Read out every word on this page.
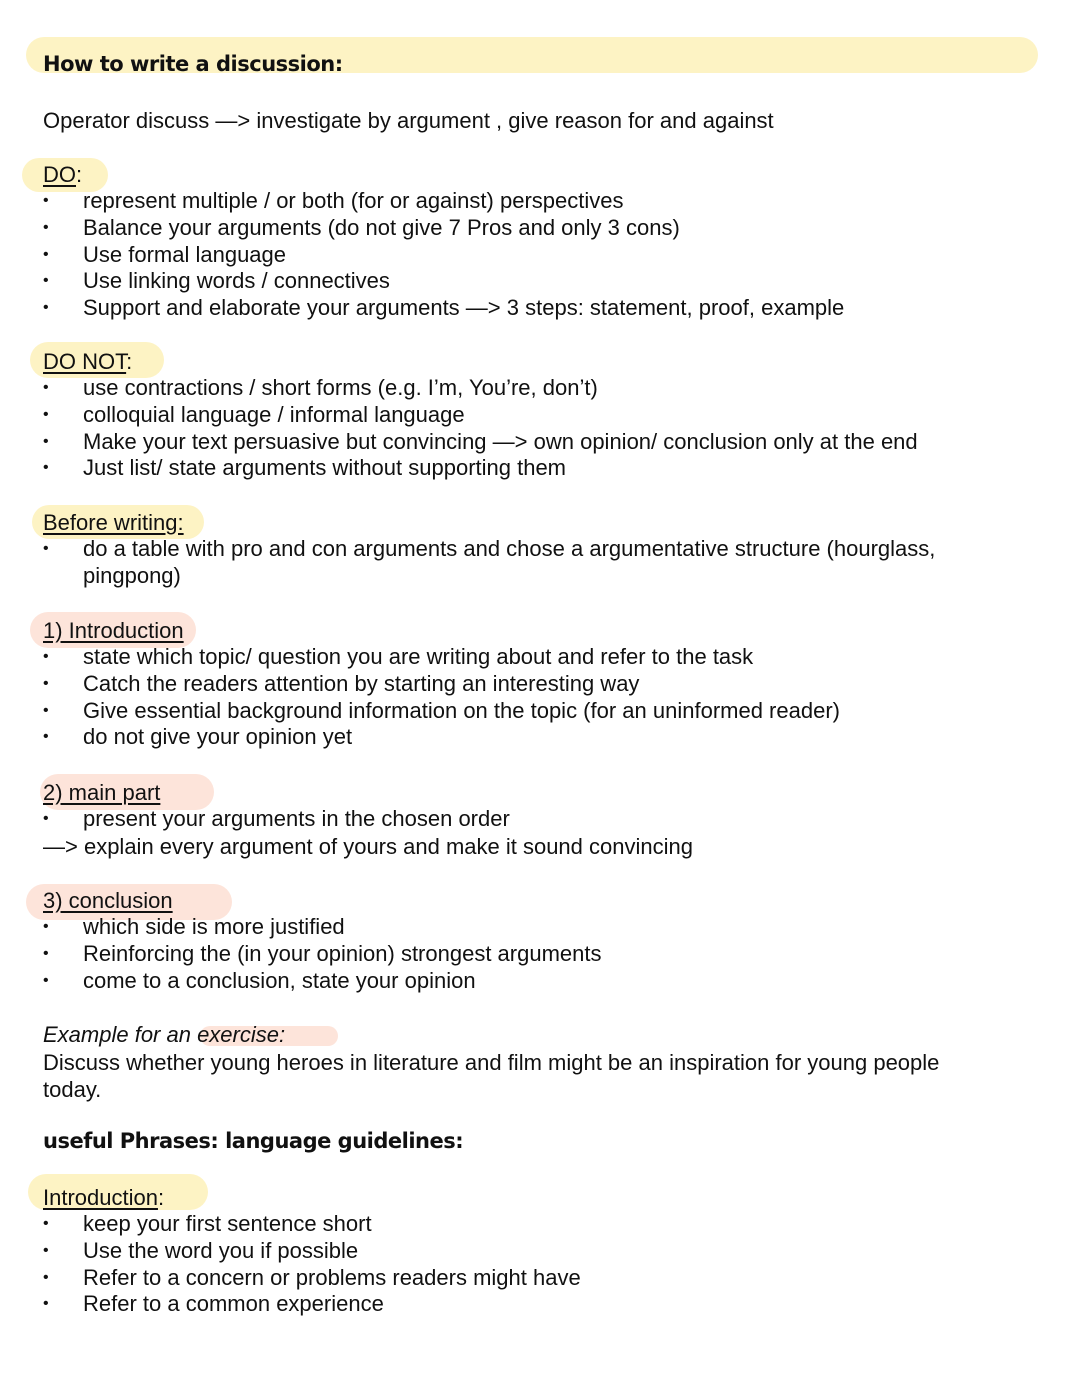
How to write a discussion:
Operator discuss —> investigate by argument , give reason for and against
DO:
• represent multiple / or both (for or against) perspectives
• Balance your arguments (do not give 7 Pros and only 3 cons)
• Use formal language
• Use linking words / connectives
• Support and elaborate your arguments —> 3 steps: statement, proof, example
DO NOT:
• use contractions / short forms (e.g. I’m, You’re, don’t)
• colloquial language / informal language
• Make your text persuasive but convincing —> own opinion/ conclusion only at the end
• Just list/ state arguments without supporting them
Before writing:
• do a table with pro and con arguments and chose a argumentative structure (hourglass, pingpong)
1) Introduction
• state which topic/ question you are writing about and refer to the task
• Catch the readers attention by starting an interesting way
• Give essential background information on the topic (for an uninformed reader)
• do not give your opinion yet
2) main part
• present your arguments in the chosen order
—> explain every argument of yours and make it sound convincing
3) conclusion
• which side is more justified
• Reinforcing the (in your opinion) strongest arguments
• come to a conclusion, state your opinion
Example for an exercise:
Discuss whether young heroes in literature and film might be an inspiration for young people
today.
useful Phrases: language guidelines:
Introduction:
• keep your first sentence short
• Use the word you if possible
• Refer to a concern or problems readers might have
• Refer to a common experience
